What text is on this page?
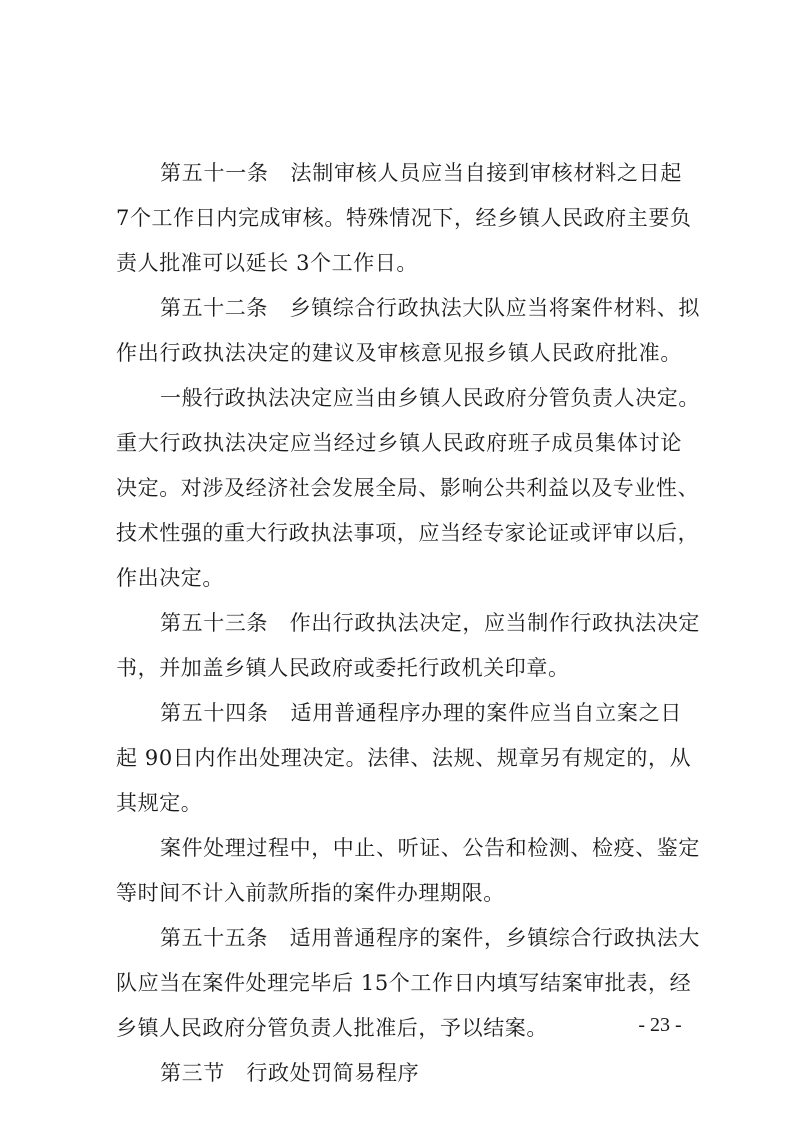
第五十一条　法制审核人员应当自接到审核材料之日起
7个工作日内完成审核。特殊情况下，经乡镇人民政府主要负
责人批准可以延长 3个工作日。
第五十二条　乡镇综合行政执法大队应当将案件材料、拟
作出行政执法决定的建议及审核意见报乡镇人民政府批准。
一般行政执法决定应当由乡镇人民政府分管负责人决定。
重大行政执法决定应当经过乡镇人民政府班子成员集体讨论
决定。对涉及经济社会发展全局、影响公共利益以及专业性、
技术性强的重大行政执法事项，应当经专家论证或评审以后，
作出决定。
第五十三条　作出行政执法决定，应当制作行政执法决定
书，并加盖乡镇人民政府或委托行政机关印章。
第五十四条　适用普通程序办理的案件应当自立案之日
起 90日内作出处理决定。法律、法规、规章另有规定的，从
其规定。
案件处理过程中，中止、听证、公告和检测、检疫、鉴定
等时间不计入前款所指的案件办理期限。
第五十五条　适用普通程序的案件，乡镇综合行政执法大
队应当在案件处理完毕后 15个工作日内填写结案审批表，经
乡镇人民政府分管负责人批准后，予以结案。
第三节　行政处罚简易程序
- 23 -
